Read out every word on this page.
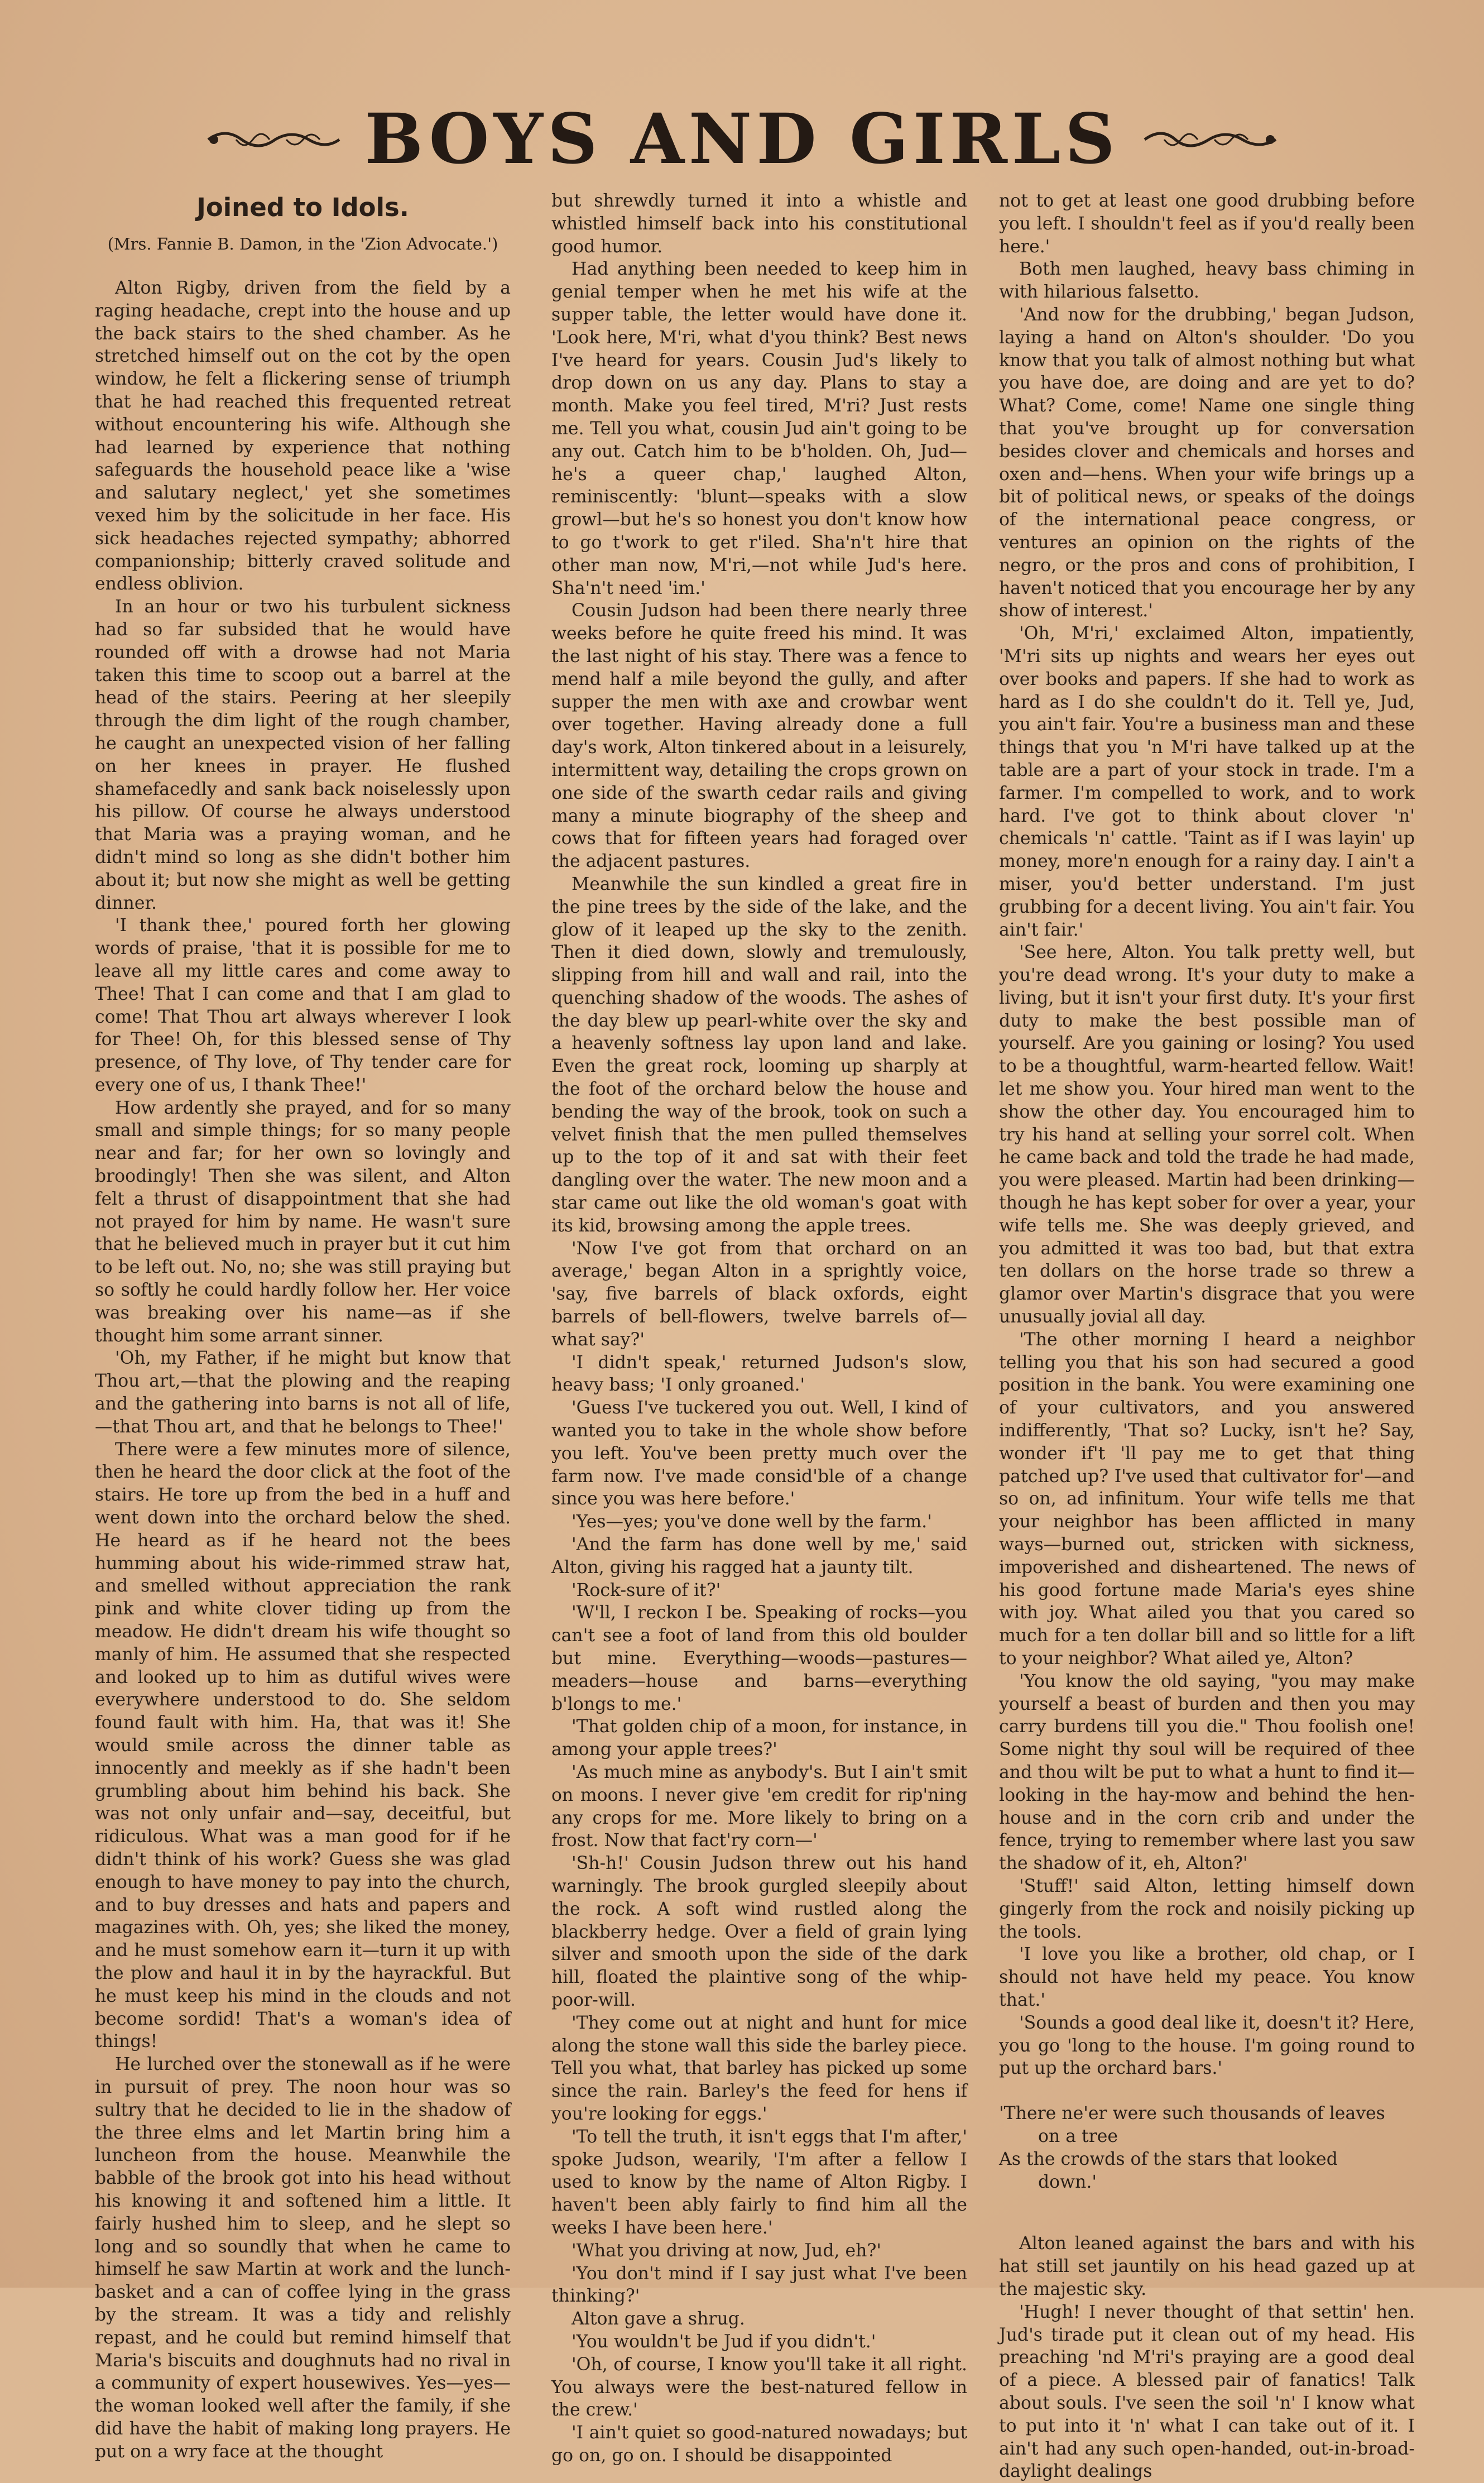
BOYS AND GIRLS
Joined to Idols.
(Mrs. Fannie B. Damon, in the 'Zion Advocate.')

Alton Rigby, driven from the field by a raging headache, crept into the house and up the back stairs to the shed chamber. As he stretched himself out on the cot by the open window, he felt a flickering sense of triumph that he had reached this frequented retreat without encountering his wife. Although she had learned by experience that nothing safeguards the household peace like a 'wise and salutary neglect,' yet she sometimes vexed him by the solicitude in her face. His sick headaches rejected sympathy; abhorred companionship; bitterly craved solitude and endless oblivion.

In an hour or two his turbulent sickness had so far subsided that he would have rounded off with a drowse had not Maria taken this time to scoop out a barrel at the head of the stairs. Peering at her sleepily through the dim light of the rough chamber, he caught an unexpected vision of her falling on her knees in prayer. He flushed shamefacedly and sank back noiselessly upon his pillow. Of course he always understood that Maria was a praying woman, and he didn't mind so long as she didn't bother him about it; but now she might as well be getting dinner.

'I thank thee,' poured forth her glowing words of praise, 'that it is possible for me to leave all my little cares and come away to Thee! That I can come and that I am glad to come! That Thou art always wherever I look for Thee! Oh, for this blessed sense of Thy presence, of Thy love, of Thy tender care for every one of us, I thank Thee!'

How ardently she prayed, and for so many small and simple things; for so many people near and far; for her own so lovingly and broodingly! Then she was silent, and Alton felt a thrust of disappointment that she had not prayed for him by name. He wasn't sure that he believed much in prayer but it cut him to be left out. No, no; she was still praying but so softly he could hardly follow her. Her voice was breaking over his name—as if she thought him some arrant sinner.

'Oh, my Father, if he might but know that Thou art,—that the plowing and the reaping and the gathering into barns is not all of life,—that Thou art, and that he belongs to Thee!'

There were a few minutes more of silence, then he heard the door click at the foot of the stairs. He tore up from the bed in a huff and went down into the orchard below the shed. He heard as if he heard not the bees humming about his wide-rimmed straw hat, and smelled without appreciation the rank pink and white clover tiding up from the meadow. He didn't dream his wife thought so manly of him. He assumed that she respected and looked up to him as dutiful wives were everywhere understood to do. She seldom found fault with him. Ha, that was it! She would smile across the dinner table as innocently and meekly as if she hadn't been grumbling about him behind his back. She was not only unfair and—say, deceitful, but ridiculous. What was a man good for if he didn't think of his work? Guess she was glad enough to have money to pay into the church, and to buy dresses and hats and papers and magazines with. Oh, yes; she liked the money, and he must somehow earn it—turn it up with the plow and haul it in by the hayrackful. But he must keep his mind in the clouds and not become sordid! That's a woman's idea of things!

He lurched over the stonewall as if he were in pursuit of prey. The noon hour was so sultry that he decided to lie in the shadow of the three elms and let Martin bring him a luncheon from the house. Meanwhile the babble of the brook got into his head without his knowing it and softened him a little. It fairly hushed him to sleep, and he slept so long and so soundly that when he came to himself he saw Martin at work and the lunch-basket and a can of coffee lying in the grass by the stream. It was a tidy and relishly repast, and he could but remind himself that Maria's biscuits and doughnuts had no rival in a community of expert housewives. Yes—yes—the woman looked well after the family, if she did have the habit of making long prayers. He put on a wry face at the thought

but shrewdly turned it into a whistle and whistled himself back into his constitutional good humor.

Had anything been needed to keep him in genial temper when he met his wife at the supper table, the letter would have done it. 'Look here, M'ri, what d'you think? Best news I've heard for years. Cousin Jud's likely to drop down on us any day. Plans to stay a month. Make you feel tired, M'ri? Just rests me. Tell you what, cousin Jud ain't going to be any out. Catch him to be b'holden. Oh, Jud—he's a queer chap,' laughed Alton, reminiscently: 'blunt—speaks with a slow growl—but he's so honest you don't know how to go t'work to get r'iled. Sha'n't hire that other man now, M'ri,—not while Jud's here. Sha'n't need 'im.'

Cousin Judson had been there nearly three weeks before he quite freed his mind. It was the last night of his stay. There was a fence to mend half a mile beyond the gully, and after supper the men with axe and crowbar went over together. Having already done a full day's work, Alton tinkered about in a leisurely, intermittent way, detailing the crops grown on one side of the swarth cedar rails and giving many a minute biography of the sheep and cows that for fifteen years had foraged over the adjacent pastures.

Meanwhile the sun kindled a great fire in the pine trees by the side of the lake, and the glow of it leaped up the sky to the zenith. Then it died down, slowly and tremulously, slipping from hill and wall and rail, into the quenching shadow of the woods. The ashes of the day blew up pearl-white over the sky and a heavenly softness lay upon land and lake. Even the great rock, looming up sharply at the foot of the orchard below the house and bending the way of the brook, took on such a velvet finish that the men pulled themselves up to the top of it and sat with their feet dangling over the water. The new moon and a star came out like the old woman's goat with its kid, browsing among the apple trees.

'Now I've got from that orchard on an average,' began Alton in a sprightly voice, 'say, five barrels of black oxfords, eight barrels of bell-flowers, twelve barrels of—what say?'

'I didn't speak,' returned Judson's slow, heavy bass; 'I only groaned.'

'Guess I've tuckered you out. Well, I kind of wanted you to take in the whole show before you left. You've been pretty much over the farm now. I've made consid'ble of a change since you was here before.'

'Yes—yes; you've done well by the farm.'

'And the farm has done well by me,' said Alton, giving his ragged hat a jaunty tilt.

'Rock-sure of it?'

'W'll, I reckon I be. Speaking of rocks—you can't see a foot of land from this old boulder but mine. Everything—woods—pastures—meaders—house and barns—everything b'longs to me.'

'That golden chip of a moon, for instance, in among your apple trees?'

'As much mine as anybody's. But I ain't smit on moons. I never give 'em credit for rip'ning any crops for me. More likely to bring on a frost. Now that fact'ry corn—'

'Sh-h!' Cousin Judson threw out his hand warningly. The brook gurgled sleepily about the rock. A soft wind rustled along the blackberry hedge. Over a field of grain lying silver and smooth upon the side of the dark hill, floated the plaintive song of the whip-poor-will.

'They come out at night and hunt for mice along the stone wall this side the barley piece. Tell you what, that barley has picked up some since the rain. Barley's the feed for hens if you're looking for eggs.'

'To tell the truth, it isn't eggs that I'm after,' spoke Judson, wearily, 'I'm after a fellow I used to know by the name of Alton Rigby. I haven't been ably fairly to find him all the weeks I have been here.'

'What you driving at now, Jud, eh?'

'You don't mind if I say just what I've been thinking?'

Alton gave a shrug.

'You wouldn't be Jud if you didn't.'

'Oh, of course, I know you'll take it all right. You always were the best-natured fellow in the crew.'

'I ain't quiet so good-natured nowadays; but go on, go on. I should be disappointed

not to get at least one good drubbing before you left. I shouldn't feel as if you'd really been here.'

Both men laughed, heavy bass chiming in with hilarious falsetto.

'And now for the drubbing,' began Judson, laying a hand on Alton's shoulder. 'Do you know that you talk of almost nothing but what you have doe, are doing and are yet to do? What? Come, come! Name one single thing that you've brought up for conversation besides clover and chemicals and horses and oxen and—hens. When your wife brings up a bit of political news, or speaks of the doings of the international peace congress, or ventures an opinion on the rights of the negro, or the pros and cons of prohibition, I haven't noticed that you encourage her by any show of interest.'

'Oh, M'ri,' exclaimed Alton, impatiently, 'M'ri sits up nights and wears her eyes out over books and papers. If she had to work as hard as I do she couldn't do it. Tell ye, Jud, you ain't fair. You're a business man and these things that you 'n M'ri have talked up at the table are a part of your stock in trade. I'm a farmer. I'm compelled to work, and to work hard. I've got to think about clover 'n' chemicals 'n' cattle. 'Taint as if I was layin' up money, more'n enough for a rainy day. I ain't a miser, you'd better understand. I'm just grubbing for a decent living. You ain't fair. You ain't fair.'

'See here, Alton. You talk pretty well, but you're dead wrong. It's your duty to make a living, but it isn't your first duty. It's your first duty to make the best possible man of yourself. Are you gaining or losing? You used to be a thoughtful, warm-hearted fellow. Wait! let me show you. Your hired man went to the show the other day. You encouraged him to try his hand at selling your sorrel colt. When he came back and told the trade he had made, you were pleased. Martin had been drinking—though he has kept sober for over a year, your wife tells me. She was deeply grieved, and you admitted it was too bad, but that extra ten dollars on the horse trade so threw a glamor over Martin's disgrace that you were unusually jovial all day.

'The other morning I heard a neighbor telling you that his son had secured a good position in the bank. You were examining one of your cultivators, and you answered indifferently, 'That so? Lucky, isn't he? Say, wonder if't 'll pay me to get that thing patched up? I've used that cultivator for'—and so on, ad infinitum. Your wife tells me that your neighbor has been afflicted in many ways—burned out, stricken with sickness, impoverished and disheartened. The news of his good fortune made Maria's eyes shine with joy. What ailed you that you cared so much for a ten dollar bill and so little for a lift to your neighbor? What ailed ye, Alton?

'You know the old saying, "you may make yourself a beast of burden and then you may carry burdens till you die." Thou foolish one! Some night thy soul will be required of thee and thou wilt be put to what a hunt to find it—looking in the hay-mow and behind the hen-house and in the corn crib and under the fence, trying to remember where last you saw the shadow of it, eh, Alton?'

'Stuff!' said Alton, letting himself down gingerly from the rock and noisily picking up the tools.

'I love you like a brother, old chap, or I should not have held my peace. You know that.'

'Sounds a good deal like it, doesn't it? Here, you go 'long to the house. I'm going round to put up the orchard bars.'

'There ne'er were such thousands of leaves

on a tree

As the crowds of the stars that looked

down.'

Alton leaned against the bars and with his hat still set jauntily on his head gazed up at the majestic sky.

'Hugh! I never thought of that settin' hen. Jud's tirade put it clean out of my head. His preaching 'nd M'ri's praying are a good deal of a piece. A blessed pair of fanatics! Talk about souls. I've seen the soil 'n' I know what to put into it 'n' what I can take out of it. I ain't had any such open-handed, out-in-broad-daylight dealings
